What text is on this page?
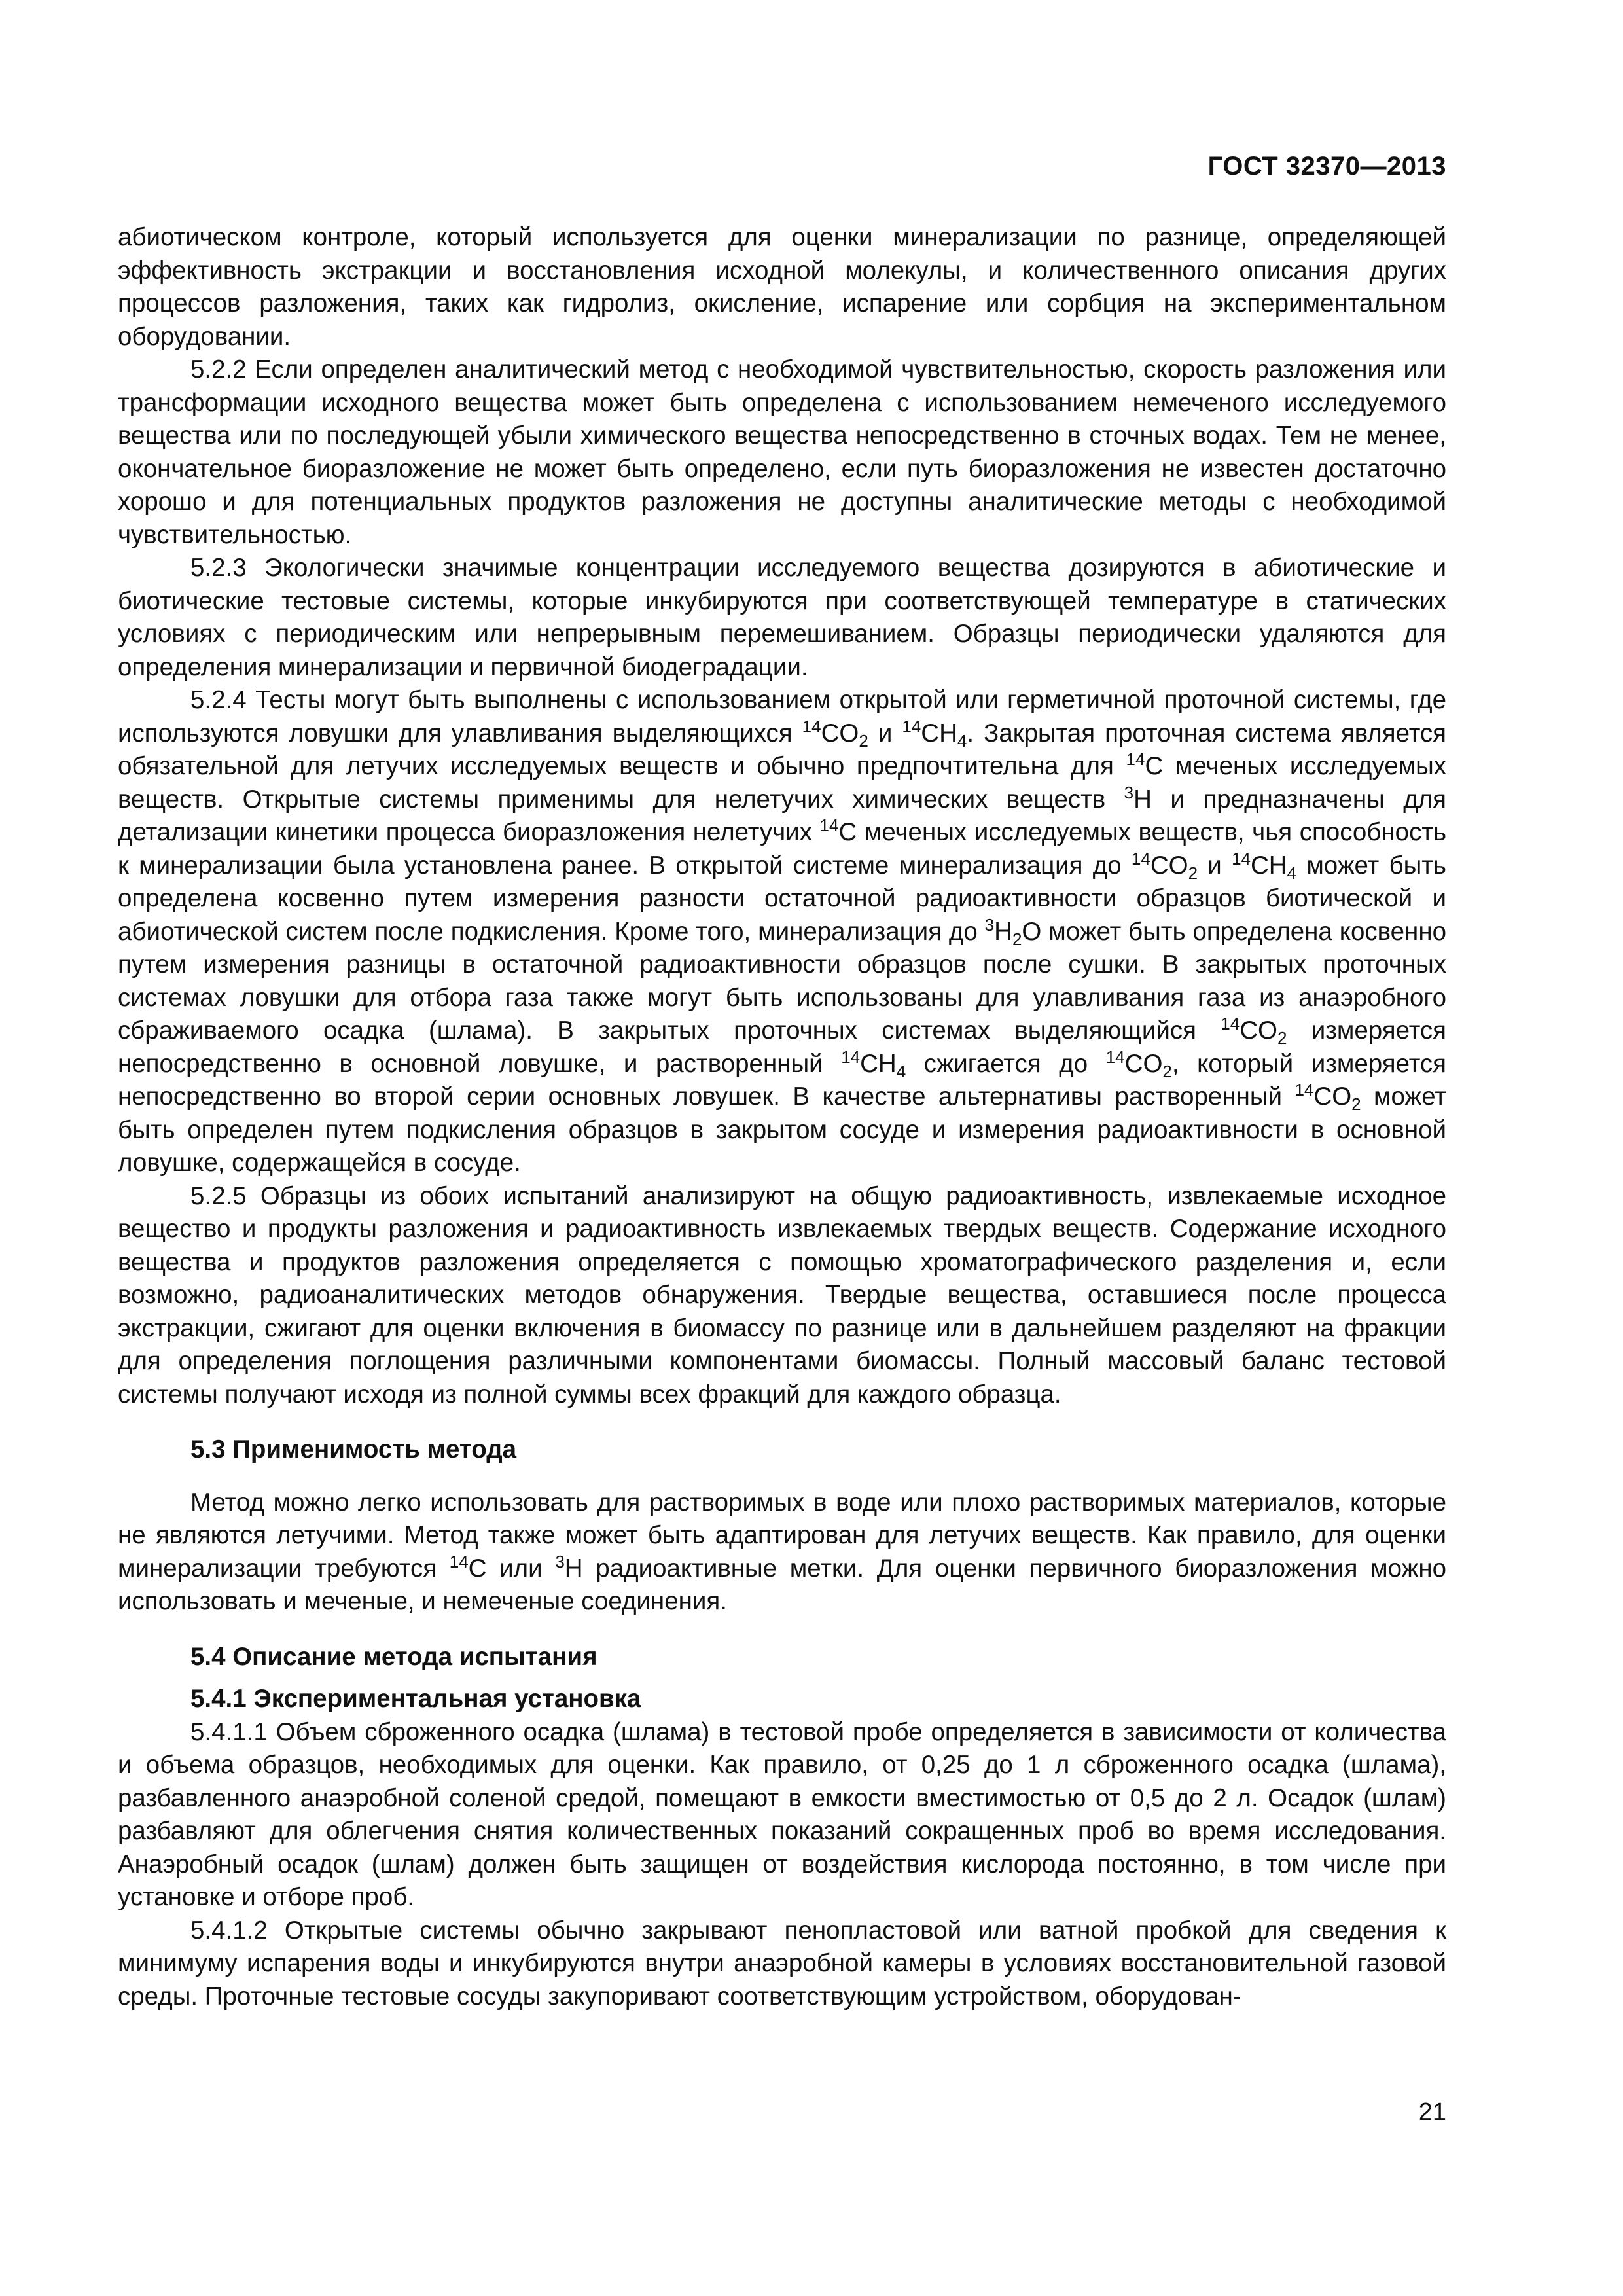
ГОСТ 32370—2013

абиотическом контроле, который используется для оценки минерализации по разнице, определяющей эффективность экстракции и восстановления исходной молекулы, и количественного описания других процессов разложения, таких как гидролиз, окисление, испарение или сорбция на экспериментальном оборудовании.

5.2.2 Если определен аналитический метод с необходимой чувствительностью, скорость разложения или трансформации исходного вещества может быть определена с использованием немеченого исследуемого вещества или по последующей убыли химического вещества непосредственно в сточных водах. Тем не менее, окончательное биоразложение не может быть определено, если путь биоразложения не известен достаточно хорошо и для потенциальных продуктов разложения не доступны аналитические методы с необходимой чувствительностью.

5.2.3 Экологически значимые концентрации исследуемого вещества дозируются в абиотические и биотические тестовые системы, которые инкубируются при соответствующей температуре в статических условиях с периодическим или непрерывным перемешиванием. Образцы периодически удаляются для определения минерализации и первичной биодеградации.

5.2.4 Тесты могут быть выполнены с использованием открытой или герметичной проточной системы, где используются ловушки для улавливания выделяющихся $^{14}CO_2$ и $^{14}CH_4$. Закрытая проточная система является обязательной для летучих исследуемых веществ и обычно предпочтительна для $^{14}$C меченых исследуемых веществ. Открытые системы применимы для нелетучих химических веществ $^3$H и предназначены для детализации кинетики процесса биоразложения нелетучих $^{14}$C меченых исследуемых веществ, чья способность к минерализации была установлена ранее. В открытой системе минерализация до $^{14}CO_2$ и $^{14}CH_4$ может быть определена косвенно путем измерения разности остаточной радиоактивности образцов биотической и абиотической систем после подкисления. Кроме того, минерализация до $^3H_2O$ может быть определена косвенно путем измерения разницы в остаточной радиоактивности образцов после сушки. В закрытых проточных системах ловушки для отбора газа также могут быть использованы для улавливания газа из анаэробного сбраживаемого осадка (шлама). В закрытых проточных системах выделяющийся $^{14}CO_2$ измеряется непосредственно в основной ловушке, и растворенный $^{14}CH_4$ сжигается до $^{14}CO_2$, который измеряется непосредственно во второй серии основных ловушек. В качестве альтернативы растворенный $^{14}CO_2$ может быть определен путем подкисления образцов в закрытом сосуде и измерения радиоактивности в основной ловушке, содержащейся в сосуде.

5.2.5 Образцы из обоих испытаний анализируют на общую радиоактивность, извлекаемые исходное вещество и продукты разложения и радиоактивность извлекаемых твердых веществ. Содержание исходного вещества и продуктов разложения определяется с помощью хроматографического разделения и, если возможно, радиоаналитических методов обнаружения. Твердые вещества, оставшиеся после процесса экстракции, сжигают для оценки включения в биомассу по разнице или в дальнейшем разделяют на фракции для определения поглощения различными компонентами биомассы. Полный массовый баланс тестовой системы получают исходя из полной суммы всех фракций для каждого образца.

5.3 Применимость метода

Метод можно легко использовать для растворимых в воде или плохо растворимых материалов, которые не являются летучими. Метод также может быть адаптирован для летучих веществ. Как правило, для оценки минерализации требуются $^{14}$C или $^3$H радиоактивные метки. Для оценки первичного биоразложения можно использовать и меченые, и немеченые соединения.

5.4 Описание метода испытания
5.4.1 Экспериментальная установка

5.4.1.1 Объем сброженного осадка (шлама) в тестовой пробе определяется в зависимости от количества и объема образцов, необходимых для оценки. Как правило, от 0,25 до 1 л сброженного осадка (шлама), разбавленного анаэробной соленой средой, помещают в емкости вместимостью от 0,5 до 2 л. Осадок (шлам) разбавляют для облегчения снятия количественных показаний сокращенных проб во время исследования. Анаэробный осадок (шлам) должен быть защищен от воздействия кислорода постоянно, в том числе при установке и отборе проб.

5.4.1.2 Открытые системы обычно закрывают пенопластовой или ватной пробкой для сведения к минимуму испарения воды и инкубируются внутри анаэробной камеры в условиях восстановительной газовой среды. Проточные тестовые сосуды закупоривают соответствующим устройством, оборудован-

21
